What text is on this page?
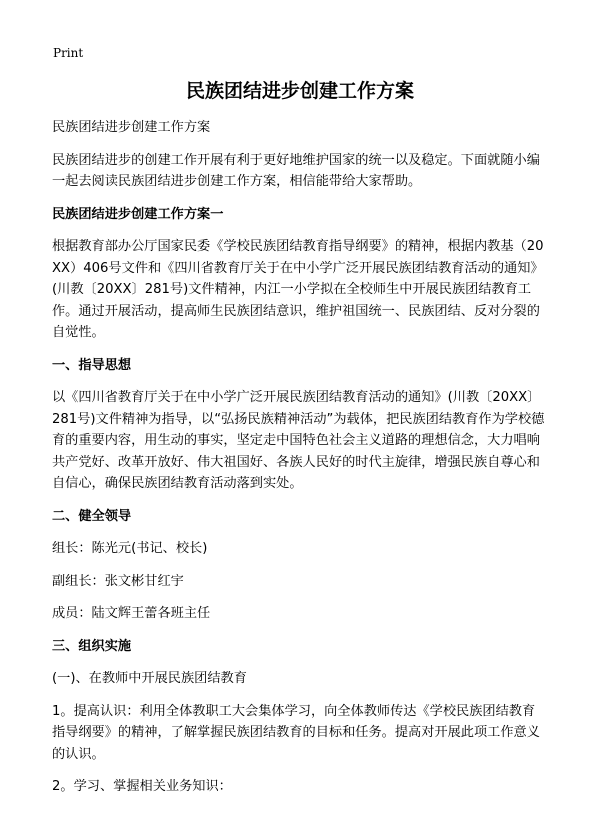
Print
民族团结进步创建工作方案
民族团结进步创建工作方案
民族团结进步的创建工作开展有利于更好地维护国家的统一以及稳定。下面就随小编一起去阅读民族团结进步创建工作方案，相信能带给大家帮助。
民族团结进步创建工作方案一
根据教育部办公厅国家民委《学校民族团结教育指导纲要》的精神，根据内教基（20XX）406号文件和《四川省教育厅关于在中小学广泛开展民族团结教育活动的通知》(川教〔20XX〕281号)文件精神，内江一小学拟在全校师生中开展民族团结教育工作。通过开展活动，提高师生民族团结意识，维护祖国统一、民族团结、反对分裂的自觉性。
一、指导思想
以《四川省教育厅关于在中小学广泛开展民族团结教育活动的通知》(川教〔20XX〕281号)文件精神为指导，以“弘扬民族精神活动”为载体，把民族团结教育作为学校德育的重要内容，用生动的事实，坚定走中国特色社会主义道路的理想信念，大力唱响共产党好、改革开放好、伟大祖国好、各族人民好的时代主旋律，增强民族自尊心和自信心，确保民族团结教育活动落到实处。
二、健全领导
组长：陈光元(书记、校长)
副组长：张文彬甘红宇
成员：陆文辉王蕾各班主任
三、组织实施
(一)、在教师中开展民族团结教育
1。提高认识：利用全体教职工大会集体学习，向全体教师传达《学校民族团结教育指导纲要》的精神，了解掌握民族团结教育的目标和任务。提高对开展此项工作意义的认识。
2。学习、掌握相关业务知识：
